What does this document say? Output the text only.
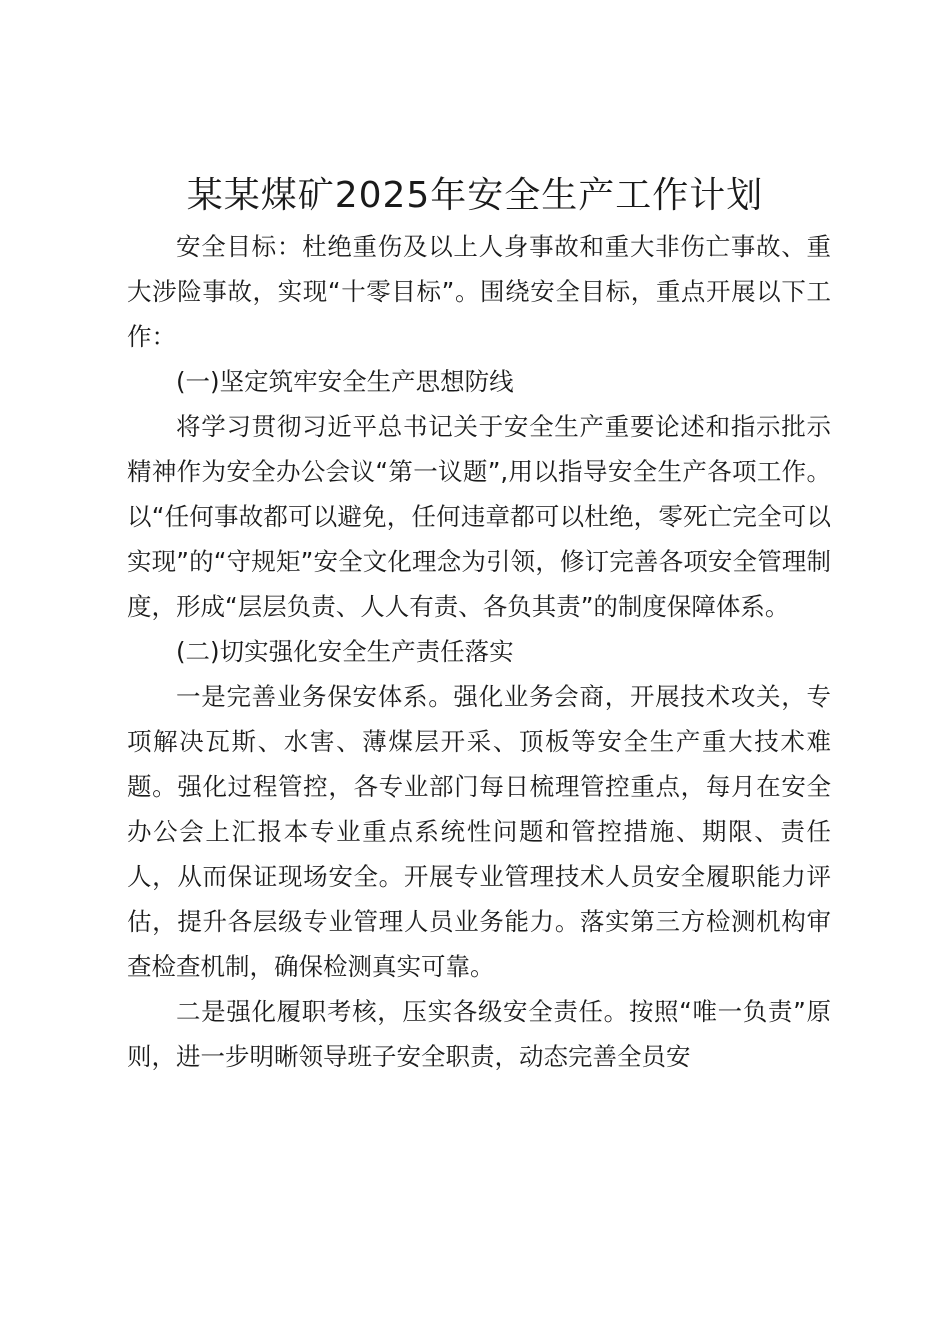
某某煤矿2025年安全生产工作计划

安全目标：杜绝重伤及以上人身事故和重大非伤亡事故、重大涉险事故，实现“十零目标”。围绕安全目标，重点开展以下工作：

(一)坚定筑牢安全生产思想防线

将学习贯彻习近平总书记关于安全生产重要论述和指示批示精神作为安全办公会议“第一议题”,用以指导安全生产各项工作。以“任何事故都可以避免，任何违章都可以杜绝，零死亡完全可以实现”的“守规矩”安全文化理念为引领，修订完善各项安全管理制度，形成“层层负责、人人有责、各负其责”的制度保障体系。

(二)切实强化安全生产责任落实

一是完善业务保安体系。强化业务会商，开展技术攻关，专项解决瓦斯、水害、薄煤层开采、顶板等安全生产重大技术难题。强化过程管控，各专业部门每日梳理管控重点，每月在安全办公会上汇报本专业重点系统性问题和管控措施、期限、责任人，从而保证现场安全。开展专业管理技术人员安全履职能力评估，提升各层级专业管理人员业务能力。落实第三方检测机构审查检查机制，确保检测真实可靠。

二是强化履职考核，压实各级安全责任。按照“唯一负责”原则，进一步明晰领导班子安全职责，动态完善全员安
